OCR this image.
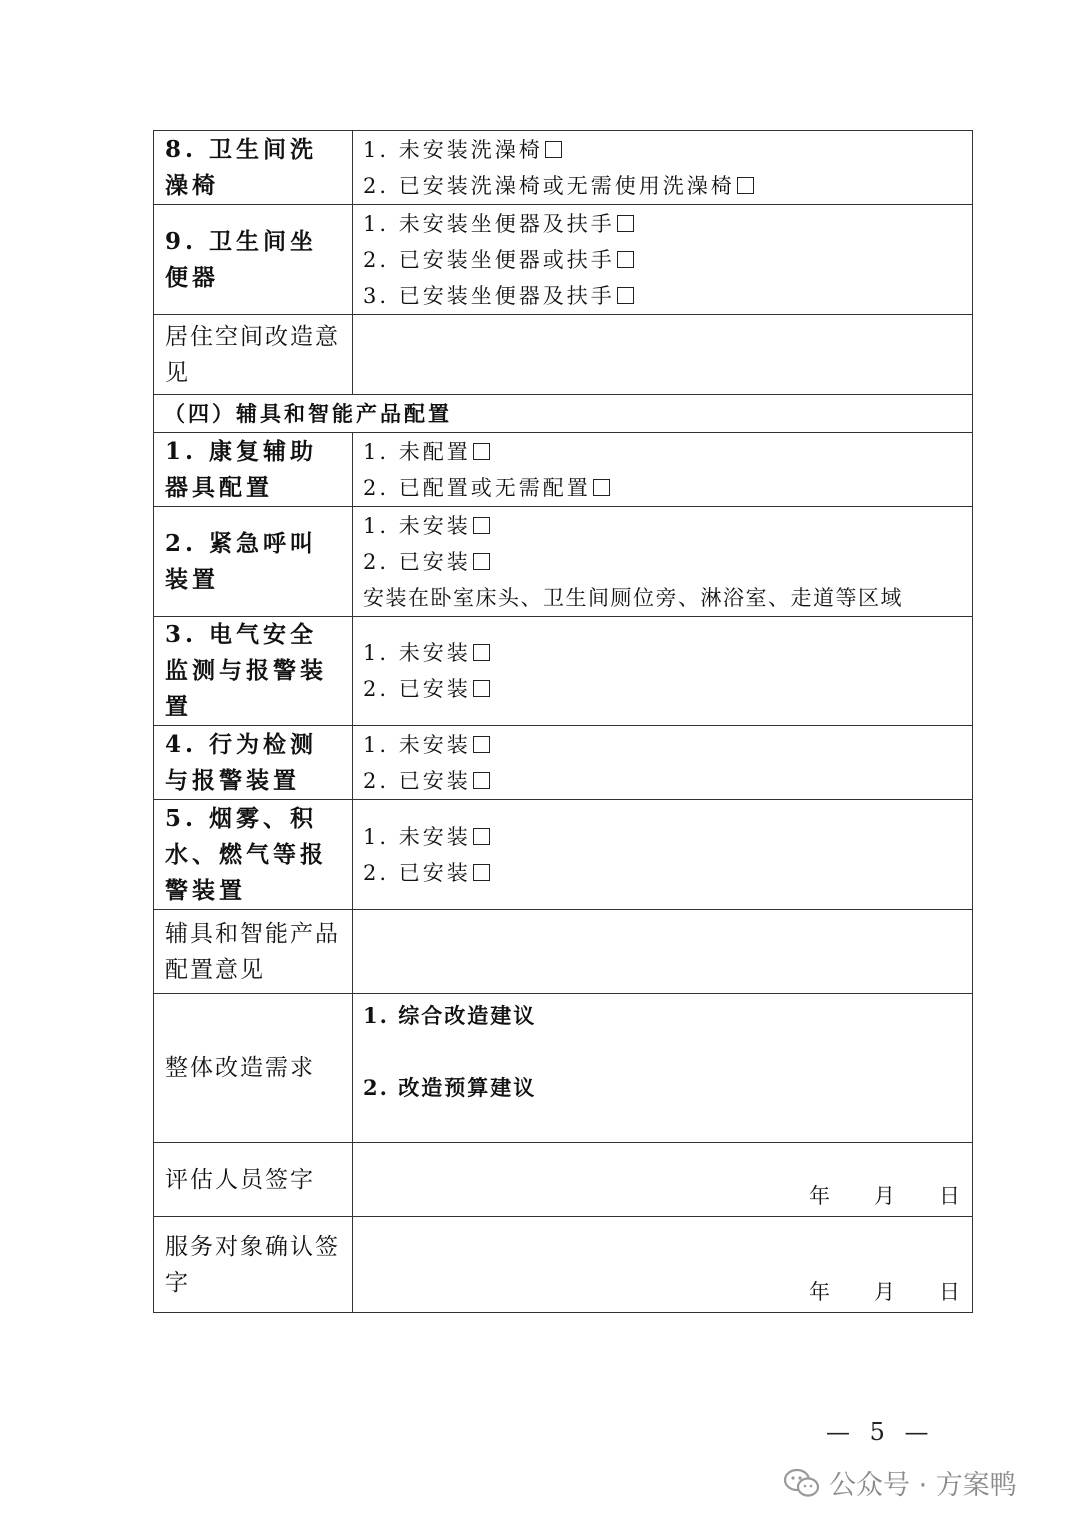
8. 卫生间洗澡椅	1. 未安装洗澡椅
2. 已安装洗澡椅或无需使用洗澡椅

9. 卫生间坐便器	1. 未安装坐便器及扶手
2. 已安装坐便器或扶手
3. 已安装坐便器及扶手

居住空间改造意见	
（四）辅具和智能产品配置	
1. 康复辅助器具配置	1. 未配置
2. 已配置或无需配置

2. 紧急呼叫装置	1. 未安装
2. 已安装
安装在卧室床头、卫生间厕位旁、淋浴室、走道等区域

3. 电气安全监测与报警装置	1. 未安装
2. 已安装

4. 行为检测与报警装置	1. 未安装
2. 已安装

5. 烟雾、积水、燃气等报警装置	1. 未安装
2. 已安装

辅具和智能产品配置意见	
整体改造需求	1. 综合改造建议
2. 改造预算建议

评估人员签字	年 月 日

服务对象确认签字	年 月 日
— 5 —
公众号 · 方案鸭
